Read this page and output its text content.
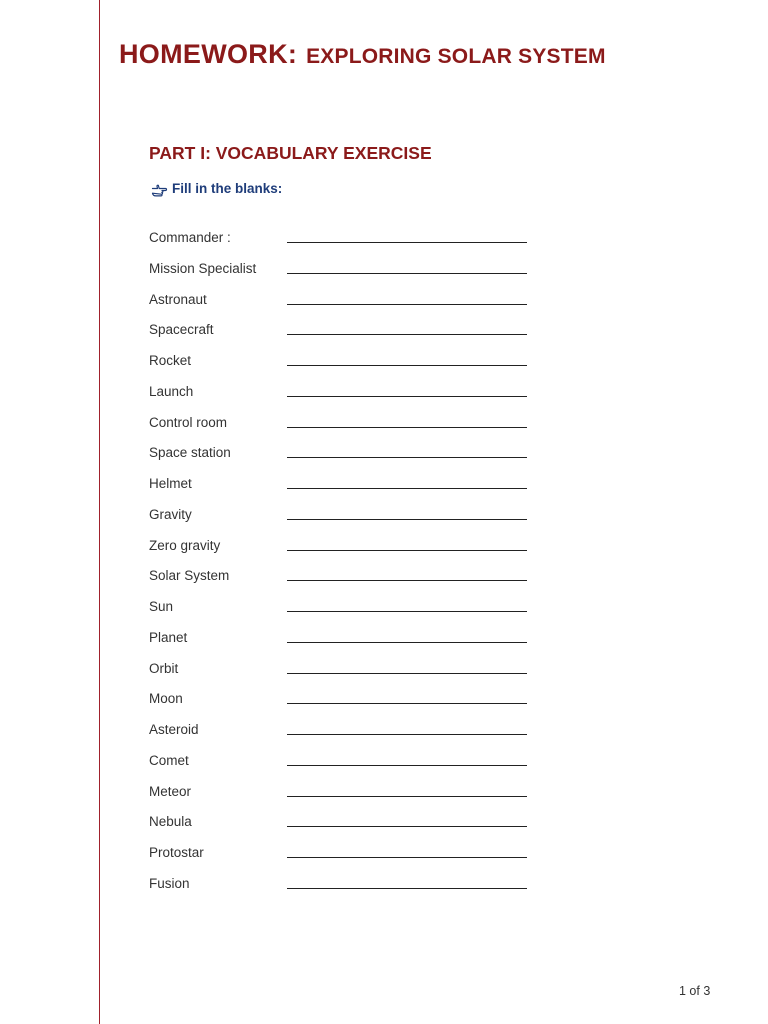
HOMEWORK: EXPLORING SOLAR SYSTEM
PART I: VOCABULARY EXERCISE
Fill in the blanks:
Commander :
Mission Specialist
Astronaut
Spacecraft
Rocket
Launch
Control room
Space station
Helmet
Gravity
Zero gravity
Solar System
Sun
Planet
Orbit
Moon
Asteroid
Comet
Meteor
Nebula
Protostar
Fusion
1 of 3
